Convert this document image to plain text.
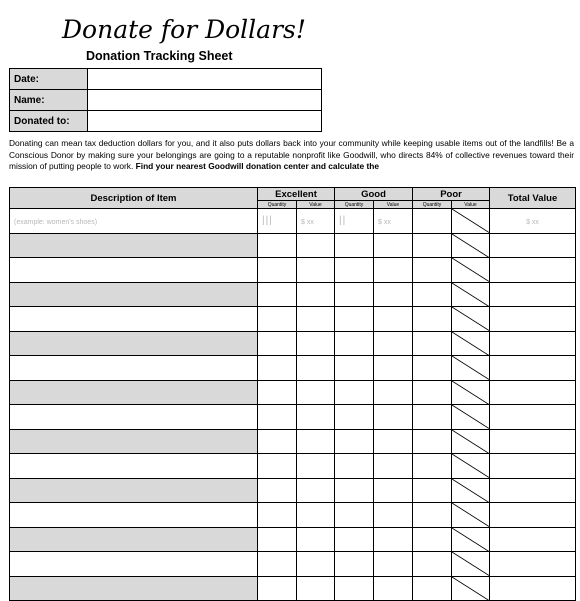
Donate for Dollars!
Donation Tracking Sheet
Date:	
Name:	
Donated to:	
Donating can mean tax deduction dollars for you, and it also puts dollars back into your community while keeping usable items out of the landfills! Be a Conscious Donor by making sure your belongings are going to a reputable nonprofit like Goodwill, who directs 84% of collective revenues toward their mission of putting people to work. Find your nearest Goodwill donation center and calculate the
Description of Item	Excellent		Good		Poor		Total Value
	Quantity	Value	Quantity	Value	Quantity	Value	
(example: women's shoes)	|||	$ xx	||	$ xx			$ xx
